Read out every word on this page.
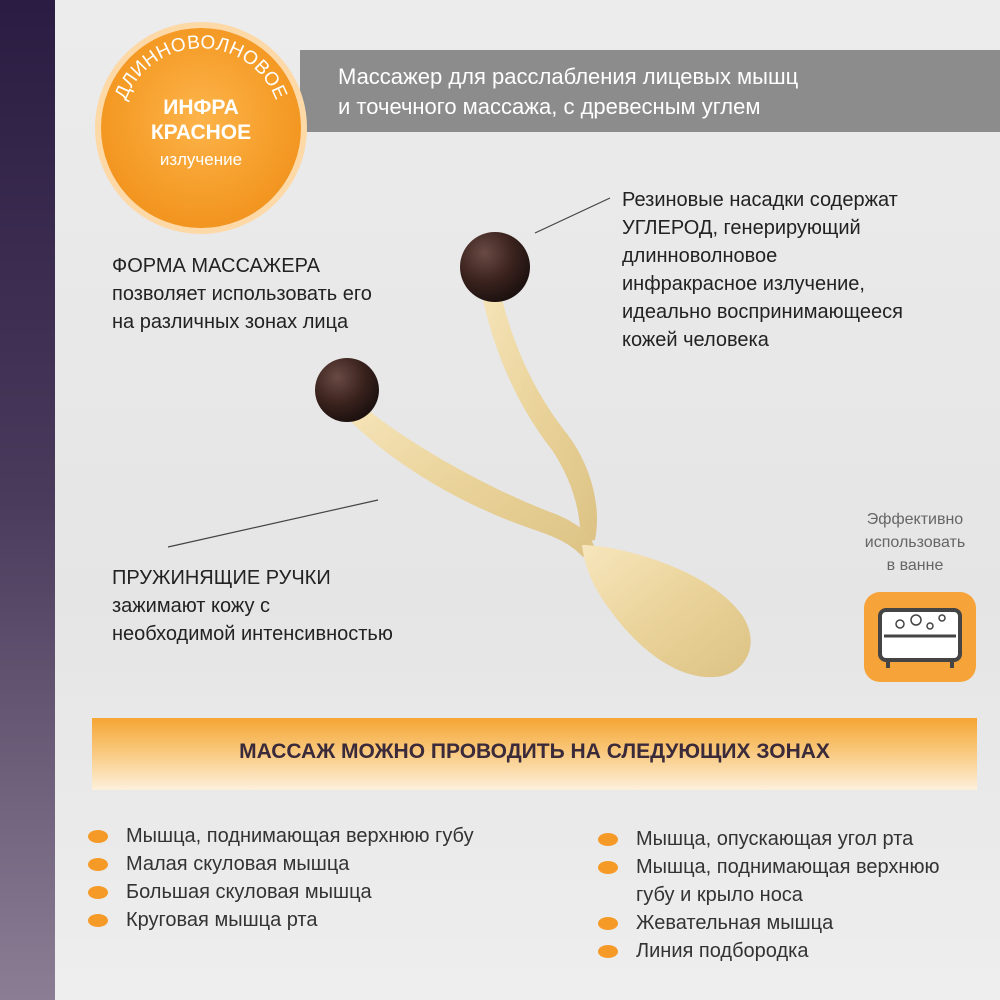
Массажер для расслабления лицевых мышц
и точечного массажа, с древесным углем
ДЛИННОВОЛНОВОЕ
ИНФРА
КРАСНОЕ
излучение
ФОРМА МАССАЖЕРА
позволяет использовать его
на различных зонах лица
Резиновые насадки содержат
УГЛЕРОД, генерирующий
длинноволновое
инфракрасное излучение,
идеально воспринимающееся
кожей человека
ПРУЖИНЯЩИЕ РУЧКИ
зажимают кожу с
необходимой интенсивностью
Эффективно
использовать
в ванне
МАССАЖ МОЖНО ПРОВОДИТЬ НА СЛЕДУЮЩИХ ЗОНАХ
Мышца, поднимающая верхнюю губу
Малая скуловая мышца
Большая скуловая мышца
Круговая мышца рта
Мышца, опускающая угол рта
Мышца, поднимающая верхнюю
губу и крыло носа
Жевательная мышца
Линия подбородка
